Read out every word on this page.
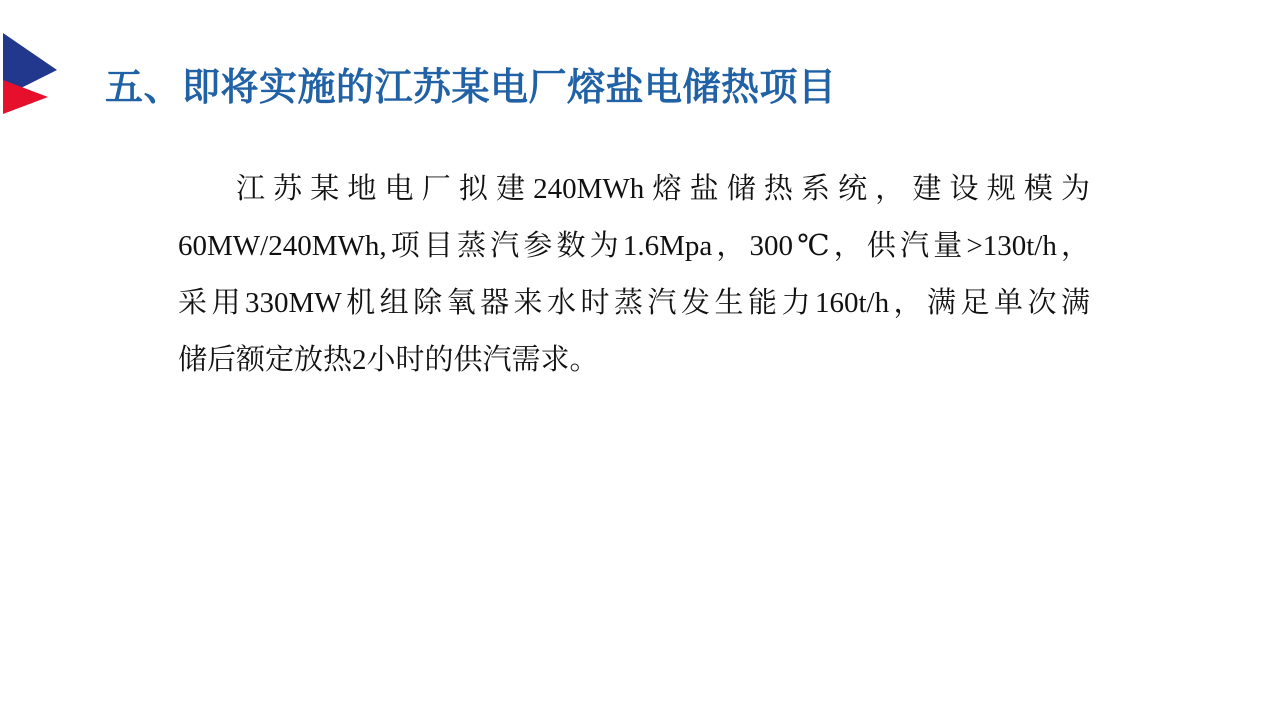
五、即将实施的江苏某电厂熔盐电储热项目
江苏某地电厂拟建240MWh熔盐储热系统，建设规模为
60MW/240MWh,项目蒸汽参数为1.6Mpa，300℃，供汽量>130t/h，
采用330MW机组除氧器来水时蒸汽发生能力160t/h，满足单次满
储后额定放热2小时的供汽需求。
